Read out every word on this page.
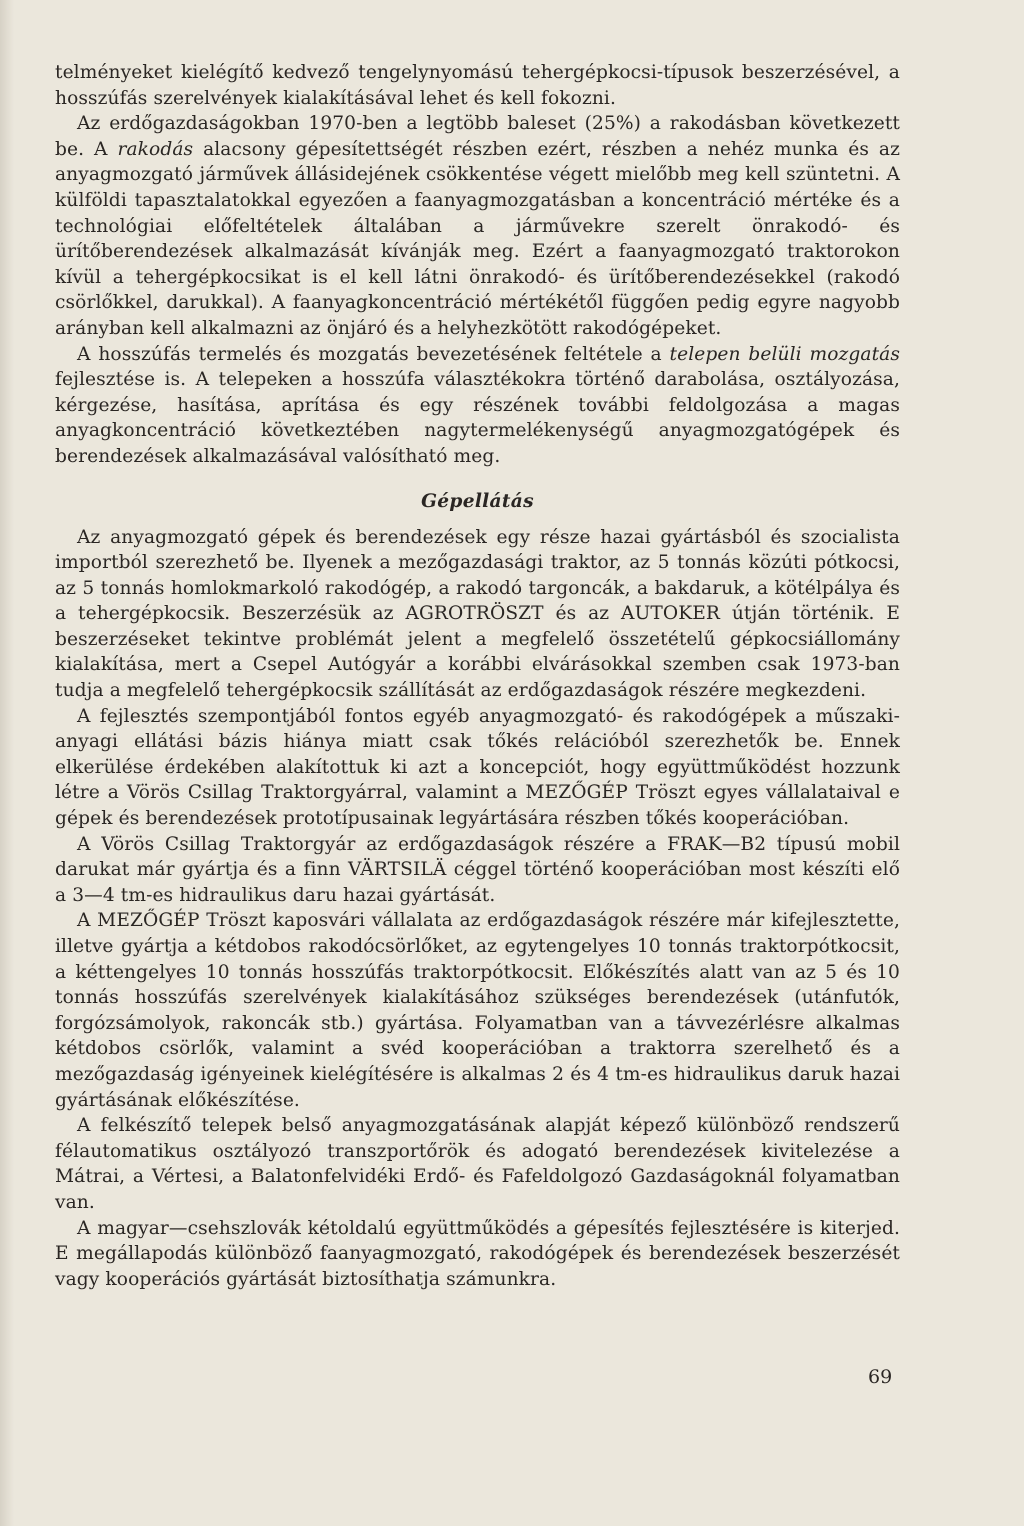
telményeket kielégítő kedvező tengelynyomású tehergépkocsi-típusok beszerzésével, a hosszúfás szerelvények kialakításával lehet és kell fokozni.

Az erdőgazdaságokban 1970-ben a legtöbb baleset (25%) a rakodásban következett be. A rakodás alacsony gépesítettségét részben ezért, részben a nehéz munka és az anyagmozgató járművek állásidejének csökkentése végett mielőbb meg kell szüntetni. A külföldi tapasztalatokkal egyezően a faanyagmozgatásban a koncentráció mértéke és a technológiai előfeltételek általában a járművekre szerelt önrakodó- és ürítőberendezések alkalmazását kívánják meg. Ezért a faanyagmozgató traktorokon kívül a tehergépkocsikat is el kell látni önrakodó- és ürítőberendezésekkel (rakodó csörlőkkel, darukkal). A faanyagkoncentráció mértékétől függően pedig egyre nagyobb arányban kell alkalmazni az önjáró és a helyhezkötött rakodógépeket.

A hosszúfás termelés és mozgatás bevezetésének feltétele a telepen belüli mozgatás fejlesztése is. A telepeken a hosszúfa választékokra történő darabolása, osztályozása, kérgezése, hasítása, aprítása és egy részének további feldolgozása a magas anyagkoncentráció következtében nagytermelékenységű anyagmozgatógépek és berendezések alkalmazásával valósítható meg.

Gépellátás

Az anyagmozgató gépek és berendezések egy része hazai gyártásból és szocialista importból szerezhető be. Ilyenek a mezőgazdasági traktor, az 5 tonnás közúti pótkocsi, az 5 tonnás homlokmarkoló rakodógép, a rakodó targoncák, a bakdaruk, a kötélpálya és a tehergépkocsik. Beszerzésük az AGROTRÖSZT és az AUTOKER útján történik. E beszerzéseket tekintve problémát jelent a megfelelő összetételű gépkocsiállomány kialakítása, mert a Csepel Autógyár a korábbi elvárásokkal szemben csak 1973-ban tudja a megfelelő tehergépkocsik szállítását az erdőgazdaságok részére megkezdeni.

A fejlesztés szempontjából fontos egyéb anyagmozgató- és rakodógépek a műszaki-anyagi ellátási bázis hiánya miatt csak tőkés relációból szerezhetők be. Ennek elkerülése érdekében alakítottuk ki azt a koncepciót, hogy együttműködést hozzunk létre a Vörös Csillag Traktorgyárral, valamint a MEZŐGÉP Tröszt egyes vállalataival e gépek és berendezések prototípusainak legyártására részben tőkés kooperációban.

A Vörös Csillag Traktorgyár az erdőgazdaságok részére a FRAK—B2 típusú mobil darukat már gyártja és a finn VÄRTSILÄ céggel történő kooperációban most készíti elő a 3—4 tm-es hidraulikus daru hazai gyártását.

A MEZŐGÉP Tröszt kaposvári vállalata az erdőgazdaságok részére már kifejlesztette, illetve gyártja a kétdobos rakodócsörlőket, az egytengelyes 10 tonnás traktorpótkocsit, a kéttengelyes 10 tonnás hosszúfás traktorpótkocsit. Előkészítés alatt van az 5 és 10 tonnás hosszúfás szerelvények kialakításához szükséges berendezések (utánfutók, forgózsámolyok, rakoncák stb.) gyártása. Folyamatban van a távvezérlésre alkalmas kétdobos csörlők, valamint a svéd kooperációban a traktorra szerelhető és a mezőgazdaság igényeinek kielégítésére is alkalmas 2 és 4 tm-es hidraulikus daruk hazai gyártásának előkészítése.

A felkészítő telepek belső anyagmozgatásának alapját képező különböző rendszerű félautomatikus osztályozó transzportőrök és adogató berendezések kivitelezése a Mátrai, a Vértesi, a Balatonfelvidéki Erdő- és Fafeldolgozó Gazdaságoknál folyamatban van.

A magyar—csehszlovák kétoldalú együttműködés a gépesítés fejlesztésére is kiterjed. E megállapodás különböző faanyagmozgató, rakodógépek és berendezések beszerzését vagy kooperációs gyártását biztosíthatja számunkra.

69
